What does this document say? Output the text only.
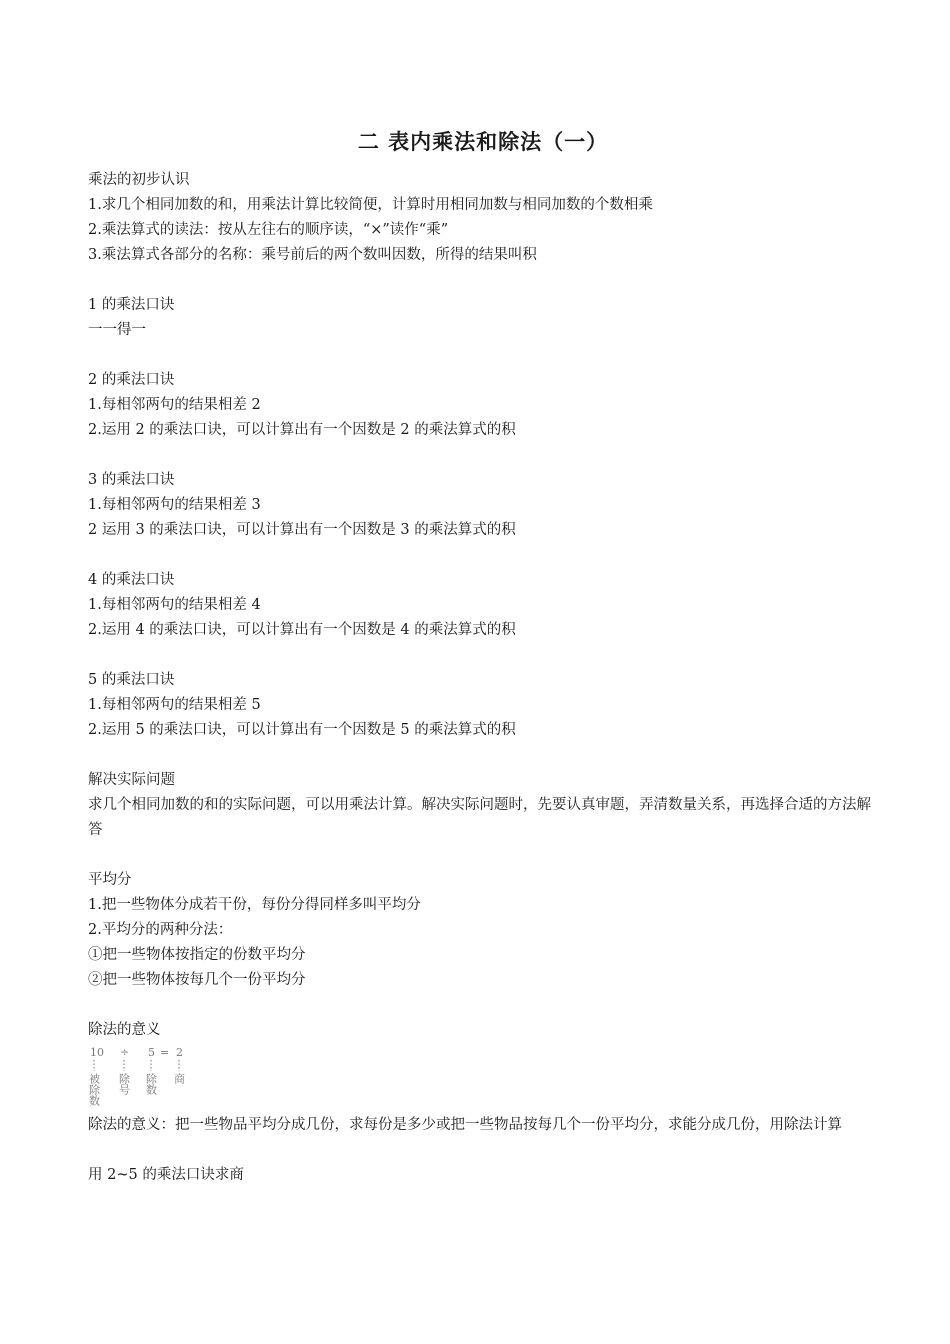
二 表内乘法和除法（一）

乘法的初步认识

1.求几个相同加数的和，用乘法计算比较简便，计算时用相同加数与相同加数的个数相乘

2.乘法算式的读法：按从左往右的顺序读，“×”读作“乘”

3.乘法算式各部分的名称：乘号前后的两个数叫因数，所得的结果叫积

1 的乘法口诀

一一得一

2 的乘法口诀

1.每相邻两句的结果相差 2

2.运用 2 的乘法口诀，可以计算出有一个因数是 2 的乘法算式的积

3 的乘法口诀

1.每相邻两句的结果相差 3

2 运用 3 的乘法口诀，可以计算出有一个因数是 3 的乘法算式的积

4 的乘法口诀

1.每相邻两句的结果相差 4

2.运用 4 的乘法口诀，可以计算出有一个因数是 4 的乘法算式的积

5 的乘法口诀

1.每相邻两句的结果相差 5

2.运用 5 的乘法口诀，可以计算出有一个因数是 5 的乘法算式的积

解决实际问题

求几个相同加数的和的实际问题，可以用乘法计算。解决实际问题时，先要认真审题，弄清数量关系，再选择合适的方法解答

平均分

1.把一些物体分成若干份，每份分得同样多叫平均分

2.平均分的两种分法：

①把一些物体按指定的份数平均分

②把一些物体按每几个一份平均分

除法的意义

10 ÷ 5 = 2
被除数 除号 除数 商

除法的意义：把一些物品平均分成几份，求每份是多少或把一些物品按每几个一份平均分，求能分成几份，用除法计算

用 2~5 的乘法口诀求商
